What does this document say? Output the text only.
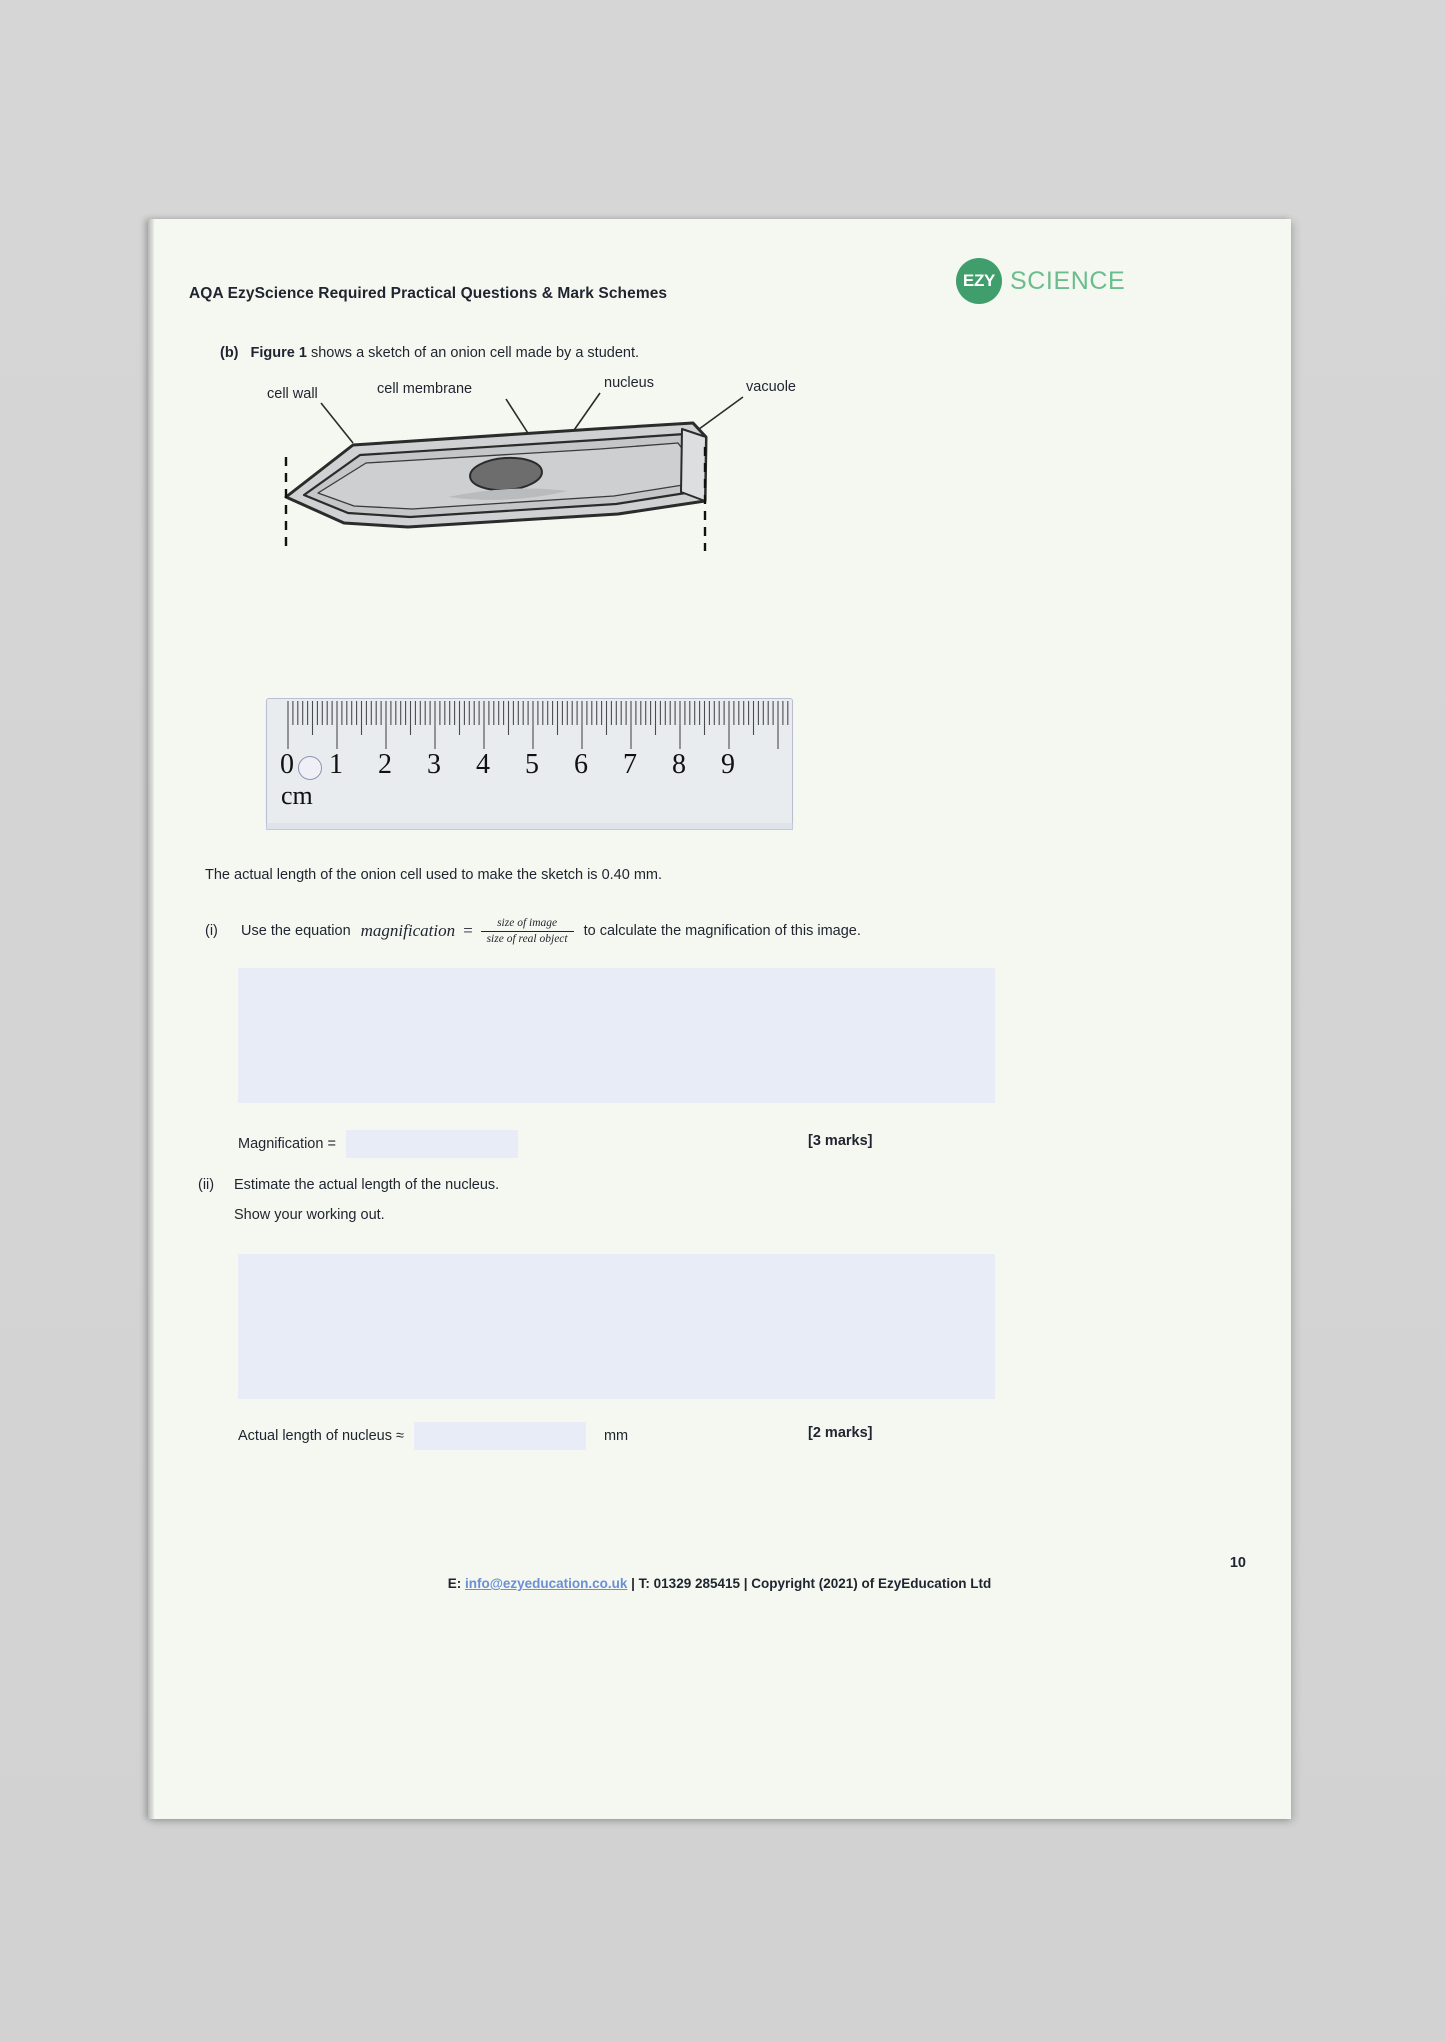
AQA EzyScience Required Practical Questions & Mark Schemes
EZY SCIENCE
(b) Figure 1 shows a sketch of an onion cell made by a student.
cell wall	cell membrane	nucleus	vacuole
0 1 2 3 4 5 6 7 8 9
cm
The actual length of the onion cell used to make the sketch is 0.40 mm.
(i)	Use the equation magnification = $\frac{\text{size of image}}{\text{size of real object}}$ to calculate the magnification of this image.
Magnification =	[3 marks]
(ii) Estimate the actual length of the nucleus.
Show your working out.
Actual length of nucleus ≈	mm	[2 marks]
10
E: info@ezyeducation.co.uk | T: 01329 285415 | Copyright (2021) of EzyEducation Ltd
